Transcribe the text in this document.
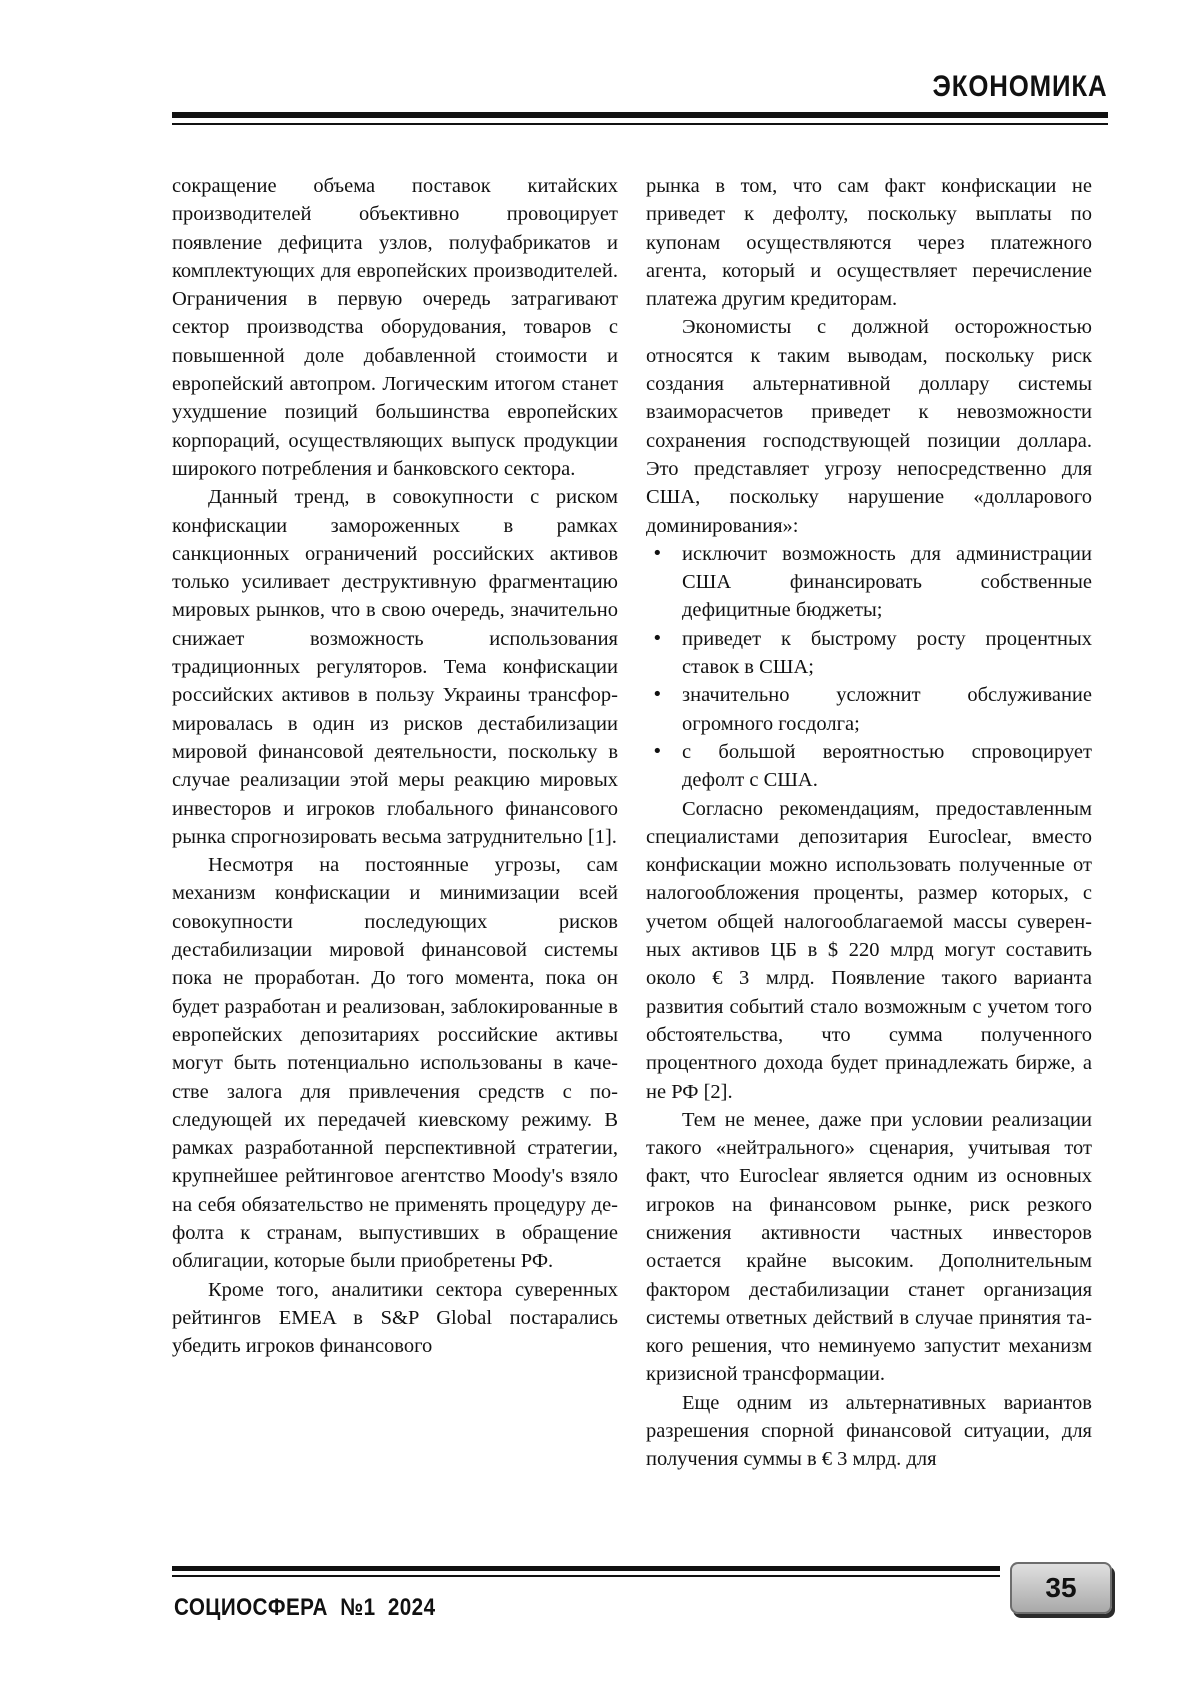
ЭКОНОМИКА

сокращение объема поставок китайских производителей объективно провоцирует появление дефицита узлов, полуфабрикатов и комплектующих для европейских производителей. Ограничения в первую очередь затрагивают сектор производства оборудования, товаров с повышенной доле добавленной стоимости и европейский автопром. Логическим итогом станет ухудшение позиций большинства европейских корпораций, осуществляющих выпуск продукции широкого потребления и банковского сектора.

Данный тренд, в совокупности с риском конфискации замороженных в рамках санкционных ограничений российских активов только усиливает деструктивную фрагментацию мировых рынков, что в свою очередь, значительно снижает возможность использования традиционных регуляторов. Тема конфискации российских активов в пользу Украины трансформировалась в один из рисков дестабилизации мировой финансовой деятельности, поскольку в случае реализации этой меры реакцию мировых инвесторов и игроков глобального финансового рынка спрогнозировать весьма затруднительно [1].

Несмотря на постоянные угрозы, сам механизм конфискации и минимизации всей совокупности последующих рисков дестабилизации мировой финансовой системы пока не проработан. До того момента, пока он будет разработан и реализован, заблокированные в европейских депозитариях российские активы могут быть потенциально использованы в качестве залога для привлечения средств с последующей их передачей киевскому режиму. В рамках разработанной перспективной стратегии, крупнейшее рейтинговое агентство Moody's взяло на себя обязательство не применять процедуру дефолта к странам, выпустивших в обращение облигации, которые были приобретены РФ.

Кроме того, аналитики сектора суверенных рейтингов EMEA в S&P Global постарались убедить игроков финансового

рынка в том, что сам факт конфискации не приведет к дефолту, поскольку выплаты по купонам осуществляются через платежного агента, который и осуществляет перечисление платежа другим кредиторам.

Экономисты с должной осторожностью относятся к таким выводам, поскольку риск создания альтернативной доллару системы взаиморасчетов приведет к невозможности сохранения господствующей позиции доллара. Это представляет угрозу непосредственно для США, поскольку нарушение «долларового доминирования»:

• исключит возможность для администрации США финансировать собственные дефицитные бюджеты;
• приведет к быстрому росту процентных ставок в США;
• значительно усложнит обслуживание огромного госдолга;
• с большой вероятностью спровоцирует дефолт с США.

Согласно рекомендациям, предоставленным специалистами депозитария Euroclear, вместо конфискации можно использовать полученные от налогообложения проценты, размер которых, с учетом общей налогооблагаемой массы суверенных активов ЦБ в $ 220 млрд могут составить около € 3 млрд. Появление такого варианта развития событий стало возможным с учетом того обстоятельства, что сумма полученного процентного дохода будет принадлежать бирже, а не РФ [2].

Тем не менее, даже при условии реализации такого «нейтрального» сценария, учитывая тот факт, что Euroclear является одним из основных игроков на финансовом рынке, риск резкого снижения активности частных инвесторов остается крайне высоким. Дополнительным фактором дестабилизации станет организация системы ответных действий в случае принятия такого решения, что неминуемо запустит механизм кризисной трансформации.

Еще одним из альтернативных вариантов разрешения спорной финансовой ситуации, для получения суммы в € 3 млрд. для

СОЦИОСФЕРА  №1  2024
35
